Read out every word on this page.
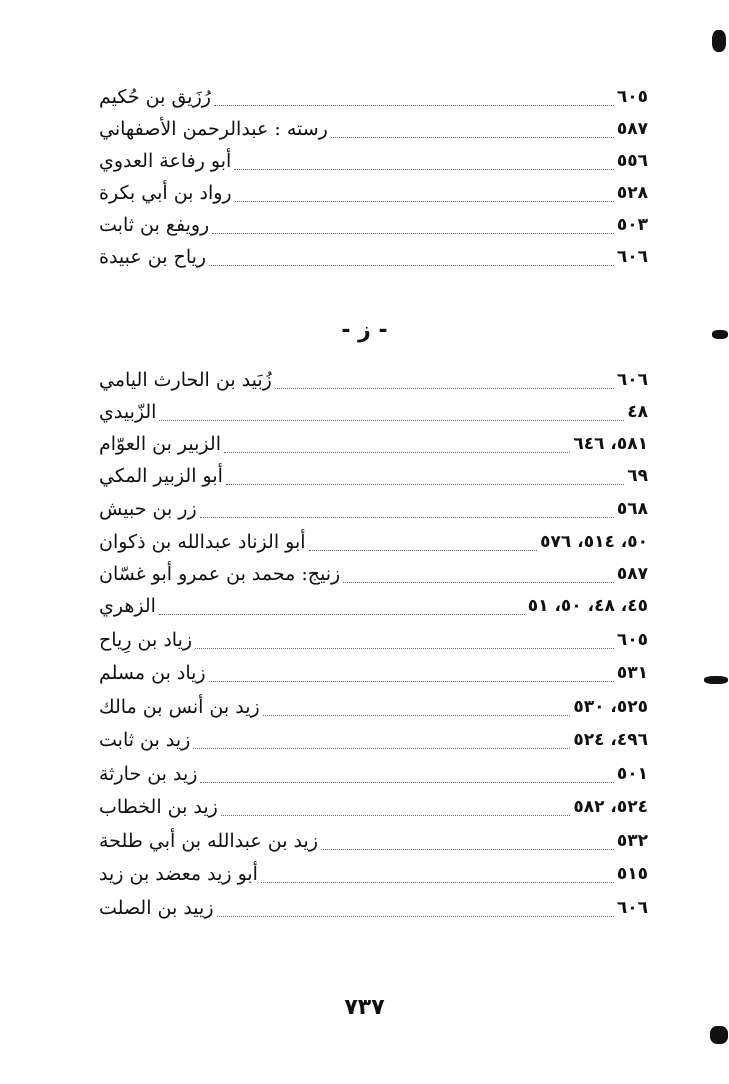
رُزَيق بن حُكيم	٦٠٥
رسته : عبدالرحمن الأصفهاني	٥٨٧
أبو رفاعة العدوي	٥٥٦
رواد بن أبي بكرة	٥٢٨
رويفع بن ثابت	٥٠٣
رياح بن عبيدة	٦٠٦
- ز -
زُبَيد بن الحارث اليامي	٦٠٦
الزّبيدي	٤٨
الزبير بن العوّام	٥٨١، ٦٤٦
أبو الزبير المكي	٦٩
زر بن حبيش	٥٦٨
أبو الزناد عبدالله بن ذكوان	٥٠، ٥١٤، ٥٧٦
زنيج: محمد بن عمرو أبو غسّان	٥٨٧
الزهري	٤٥، ٤٨، ٥٠، ٥١
زياد بن رِياح	٦٠٥
زياد بن مسلم	٥٣١
زيد بن أنس بن مالك	٥٢٥، ٥٣٠
زيد بن ثابت	٤٩٦، ٥٢٤
زيد بن حارثة	٥٠١
زيد بن الخطاب	٥٢٤، ٥٨٢
زيد بن عبدالله بن أبي طلحة	٥٣٢
أبو زيد معضد بن زيد	٥١٥
زييد بن الصلت	٦٠٦
٧٣٧
